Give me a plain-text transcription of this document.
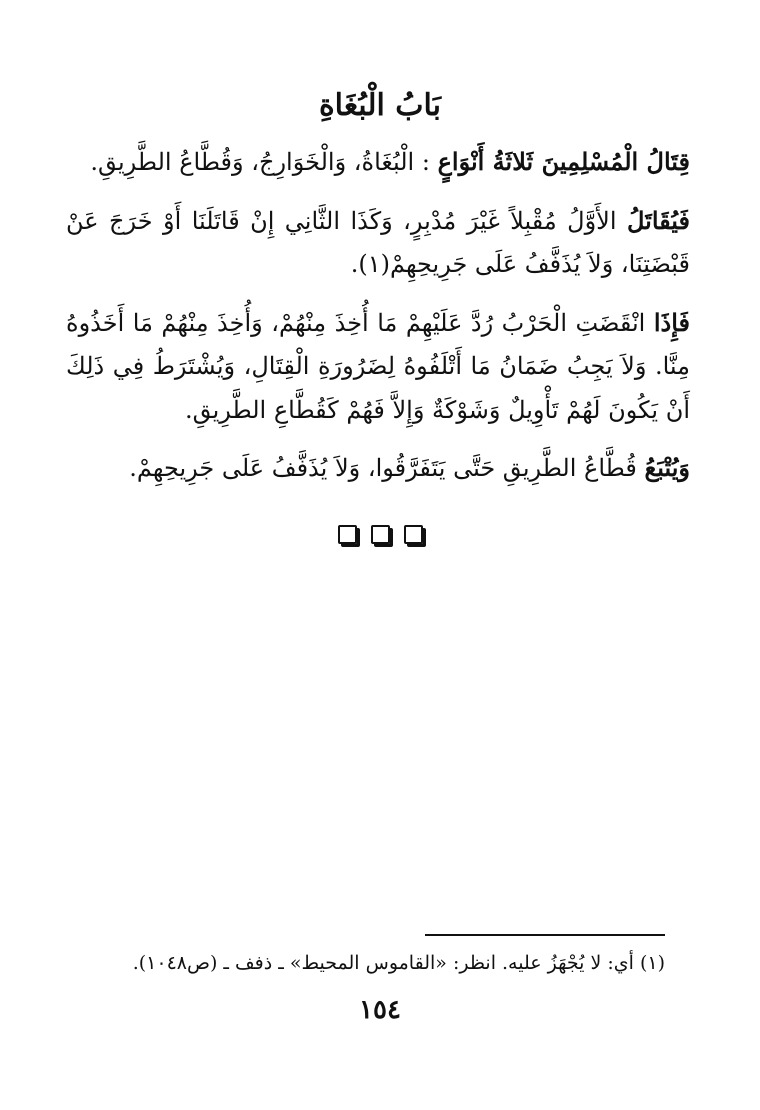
بَابُ الْبُغَاةِ

قِتَالُ الْمُسْلِمِينَ ثَلاثَةُ أَنْوَاعٍ : الْبُغَاةُ، وَالْخَوَارِجُ، وَقُطَّاعُ الطَّرِيقِ.

فَيُقَاتَلُ الأَوَّلُ مُقْبِلاً غَيْرَ مُدْبِرٍ، وَكَذَا الثَّانِي إِنْ قَاتَلَنَا أَوْ خَرَجَ عَنْ قَبْضَتِنَا، وَلاَ يُذَفَّفُ عَلَى جَرِيحِهِمْ(١).

فَإِذَا انْقَضَتِ الْحَرْبُ رُدَّ عَلَيْهِمْ مَا أُخِذَ مِنْهُمْ، وَأُخِذَ مِنْهُمْ مَا أَخَذُوهُ مِنَّا. وَلاَ يَجِبُ ضَمَانُ مَا أَتْلَفُوهُ لِضَرُورَةِ الْقِتَالِ، وَيُشْتَرَطُ فِي ذَلِكَ أَنْ يَكُونَ لَهُمْ تَأْوِيلٌ وَشَوْكَةٌ وَإِلاَّ فَهُمْ كَقُطَّاعِ الطَّرِيقِ.

وَيُتْبَعُ قُطَّاعُ الطَّرِيقِ حَتَّى يَتَفَرَّقُوا، وَلاَ يُذَفَّفُ عَلَى جَرِيحِهِمْ.

(١) أي: لا يُجْهَزُ عليه. انظر: «القاموس المحيط» ـ ذفف ـ (ص١٠٤٨).
١٥٤
